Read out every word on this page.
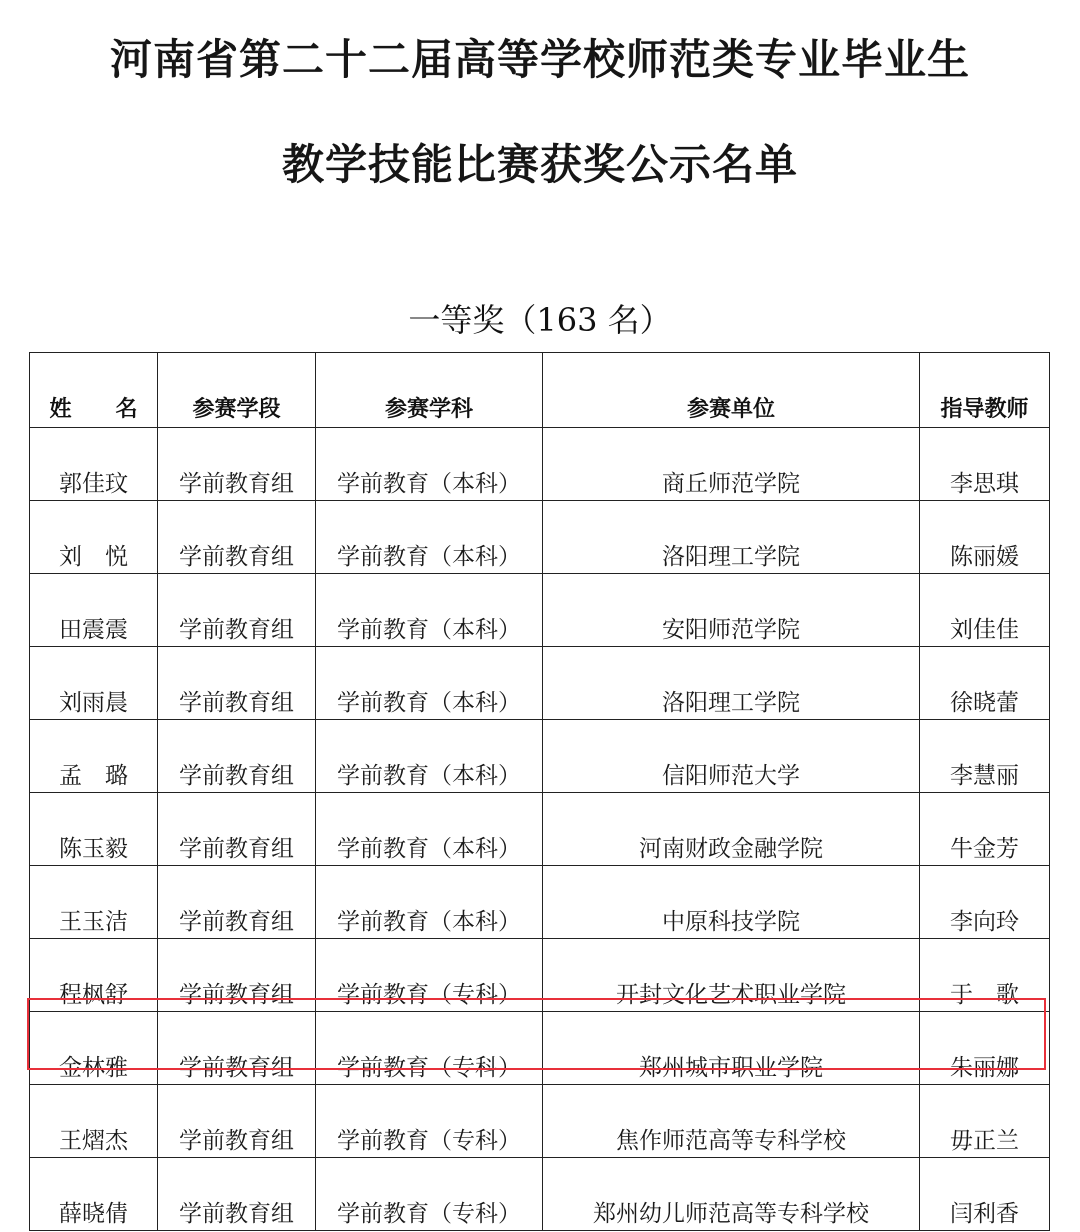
河南省第二十二届高等学校师范类专业毕业生
教学技能比赛获奖公示名单
一等奖（163 名）
姓　　名	参赛学段	参赛学科	参赛单位	指导教师
郭佳玟	学前教育组	学前教育（本科）	商丘师范学院	李思琪
刘　悦	学前教育组	学前教育（本科）	洛阳理工学院	陈丽媛
田震震	学前教育组	学前教育（本科）	安阳师范学院	刘佳佳
刘雨晨	学前教育组	学前教育（本科）	洛阳理工学院	徐晓蕾
孟　璐	学前教育组	学前教育（本科）	信阳师范大学	李慧丽
陈玉毅	学前教育组	学前教育（本科）	河南财政金融学院	牛金芳
王玉洁	学前教育组	学前教育（本科）	中原科技学院	李向玲
程枫舒	学前教育组	学前教育（专科）	开封文化艺术职业学院	于　歌
金林雅	学前教育组	学前教育（专科）	郑州城市职业学院	朱丽娜
王熠杰	学前教育组	学前教育（专科）	焦作师范高等专科学校	毋正兰
薛晓倩	学前教育组	学前教育（专科）	郑州幼儿师范高等专科学校	闫利香
